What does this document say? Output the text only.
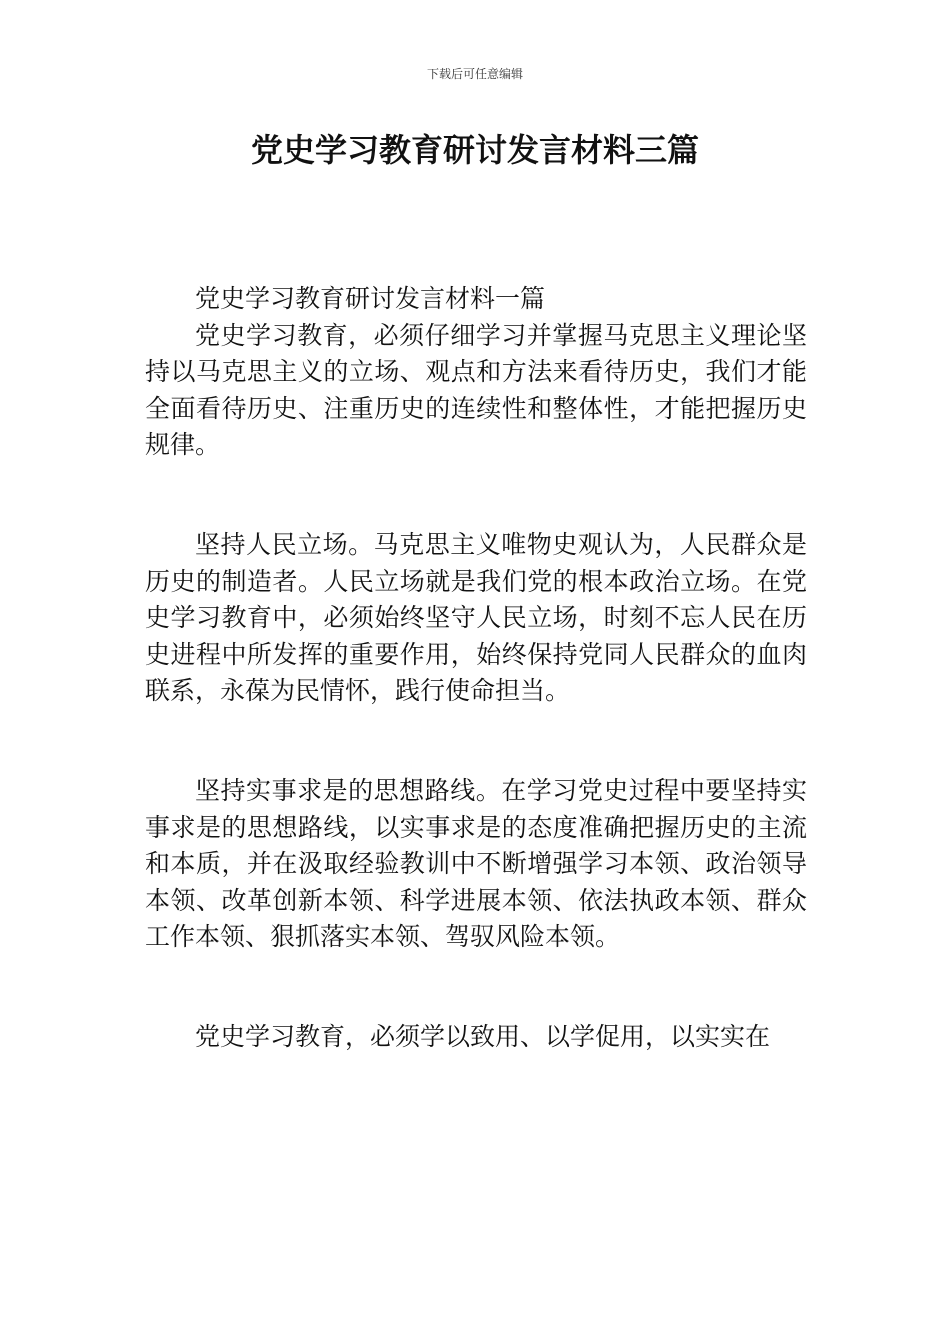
下载后可任意编辑
党史学习教育研讨发言材料三篇

党史学习教育研讨发言材料一篇

党史学习教育，必须仔细学习并掌握马克思主义理论坚持以马克思主义的立场、观点和方法来看待历史，我们才能全面看待历史、注重历史的连续性和整体性，才能把握历史规律。

坚持人民立场。马克思主义唯物史观认为，人民群众是历史的制造者。人民立场就是我们党的根本政治立场。在党史学习教育中，必须始终坚守人民立场，时刻不忘人民在历史进程中所发挥的重要作用，始终保持党同人民群众的血肉联系，永葆为民情怀，践行使命担当。

坚持实事求是的思想路线。在学习党史过程中要坚持实事求是的思想路线，以实事求是的态度准确把握历史的主流和本质，并在汲取经验教训中不断增强学习本领、政治领导本领、改革创新本领、科学进展本领、依法执政本领、群众工作本领、狠抓落实本领、驾驭风险本领。

党史学习教育，必须学以致用、以学促用，以实实在
